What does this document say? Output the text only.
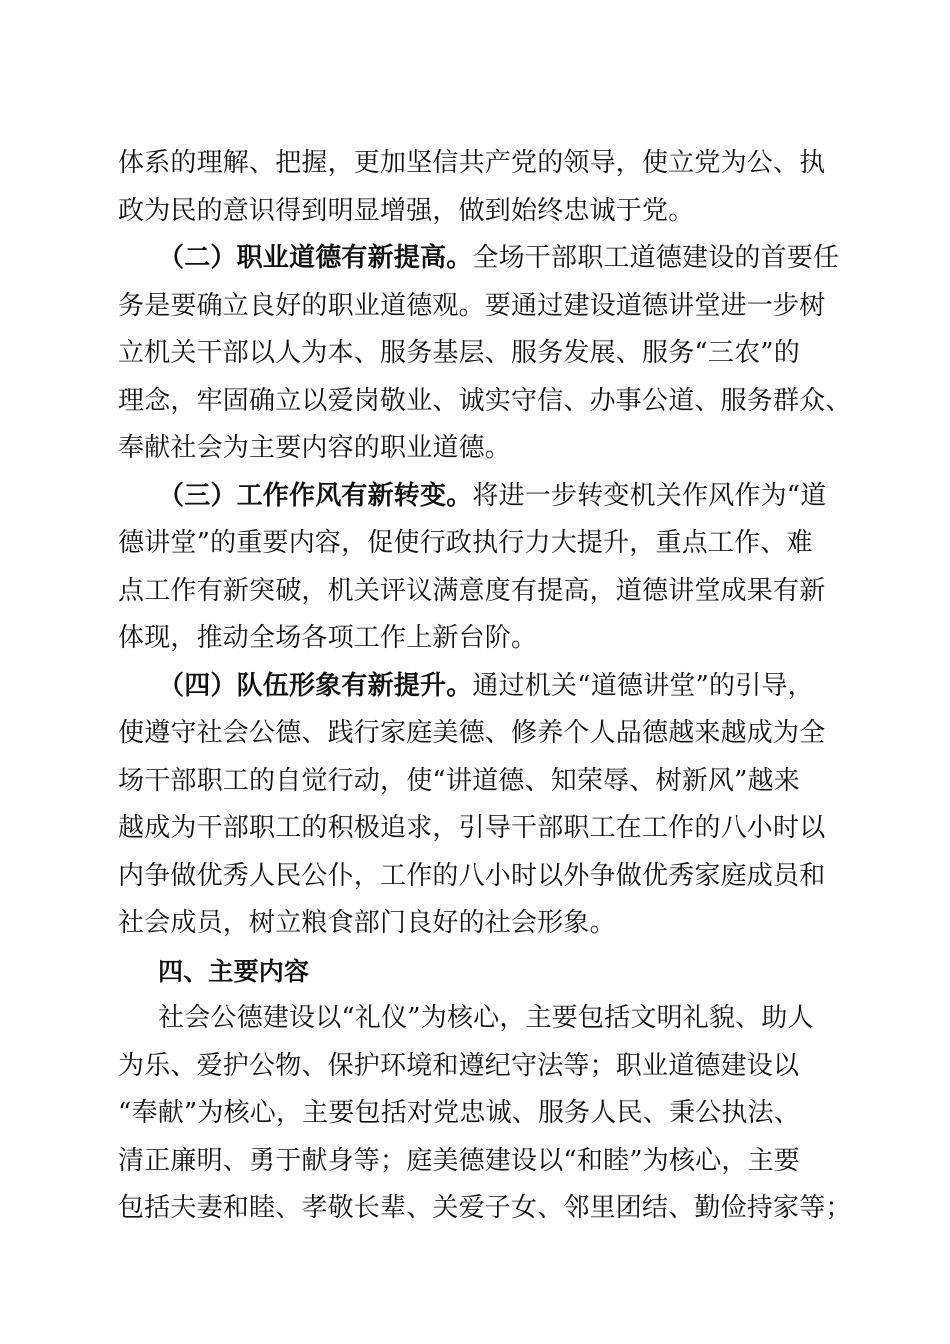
体系的理解、把握，更加坚信共产党的领导，使立党为公、执
政为民的意识得到明显增强，做到始终忠诚于党。
（二）职业道德有新提高。全场干部职工道德建设的首要任
务是要确立良好的职业道德观。要通过建设道德讲堂进一步树
立机关干部以人为本、服务基层、服务发展、服务“三农”的
理念，牢固确立以爱岗敬业、诚实守信、办事公道、服务群众、
奉献社会为主要内容的职业道德。
（三）工作作风有新转变。将进一步转变机关作风作为“道
德讲堂”的重要内容，促使行政执行力大提升，重点工作、难
点工作有新突破，机关评议满意度有提高，道德讲堂成果有新
体现，推动全场各项工作上新台阶。
（四）队伍形象有新提升。通过机关“道德讲堂”的引导，
使遵守社会公德、践行家庭美德、修养个人品德越来越成为全
场干部职工的自觉行动，使“讲道德、知荣辱、树新风”越来
越成为干部职工的积极追求，引导干部职工在工作的八小时以
内争做优秀人民公仆，工作的八小时以外争做优秀家庭成员和
社会成员，树立粮食部门良好的社会形象。
四、主要内容
社会公德建设以“礼仪”为核心，主要包括文明礼貌、助人
为乐、爱护公物、保护环境和遵纪守法等；职业道德建设以
“奉献”为核心，主要包括对党忠诚、服务人民、秉公执法、
清正廉明、勇于献身等；庭美德建设以“和睦”为核心，主要
包括夫妻和睦、孝敬长辈、关爱子女、邻里团结、勤俭持家等；
